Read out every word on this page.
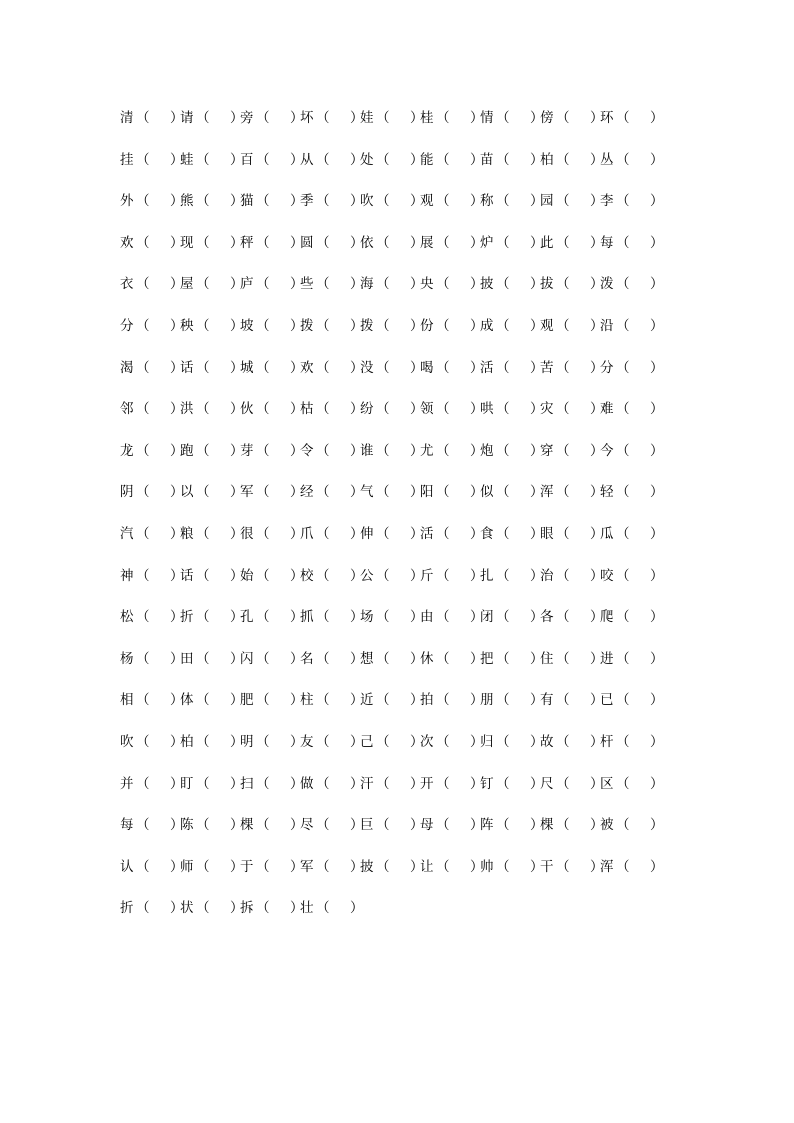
清 （ ）
请 （ ）
旁 （ ）
坏 （ ）
娃 （ ）
桂 （ ）
情 （ ）
傍 （ ）
环 （ ）
挂 （ ）
蛙 （ ）
百 （ ）
从 （ ）
处 （ ）
能 （ ）
苗 （ ）
柏 （ ）
丛 （ ）
外 （ ）
熊 （ ）
猫 （ ）
季 （ ）
吹 （ ）
观 （ ）
称 （ ）
园 （ ）
李 （ ）
欢 （ ）
现 （ ）
秤 （ ）
圆 （ ）
依 （ ）
展 （ ）
炉 （ ）
此 （ ）
每 （ ）
衣 （ ）
屋 （ ）
庐 （ ）
些 （ ）
海 （ ）
央 （ ）
披 （ ）
拔 （ ）
泼 （ ）
分 （ ）
秧 （ ）
坡 （ ）
拨 （ ）
拨 （ ）
份 （ ）
成 （ ）
观 （ ）
沿 （ ）
渴 （ ）
话 （ ）
城 （ ）
欢 （ ）
没 （ ）
喝 （ ）
活 （ ）
苦 （ ）
分 （ ）
邻 （ ）
洪 （ ）
伙 （ ）
枯 （ ）
纷 （ ）
领 （ ）
哄 （ ）
灾 （ ）
难 （ ）
龙 （ ）
跑 （ ）
芽 （ ）
令 （ ）
谁 （ ）
尤 （ ）
炮 （ ）
穿 （ ）
今 （ ）
阴 （ ）
以 （ ）
军 （ ）
经 （ ）
气 （ ）
阳 （ ）
似 （ ）
浑 （ ）
轻 （ ）
汽 （ ）
粮 （ ）
很 （ ）
爪 （ ）
伸 （ ）
活 （ ）
食 （ ）
眼 （ ）
瓜 （ ）
神 （ ）
话 （ ）
始 （ ）
校 （ ）
公 （ ）
斤 （ ）
扎 （ ）
治 （ ）
咬 （ ）
松 （ ）
折 （ ）
孔 （ ）
抓 （ ）
场 （ ）
由 （ ）
闭 （ ）
各 （ ）
爬 （ ）
杨 （ ）
田 （ ）
闪 （ ）
名 （ ）
想 （ ）
休 （ ）
把 （ ）
住 （ ）
进 （ ）
相 （ ）
体 （ ）
肥 （ ）
柱 （ ）
近 （ ）
拍 （ ）
朋 （ ）
有 （ ）
已 （ ）
吹 （ ）
柏 （ ）
明 （ ）
友 （ ）
己 （ ）
次 （ ）
归 （ ）
故 （ ）
杆 （ ）
并 （ ）
盯 （ ）
扫 （ ）
做 （ ）
汗 （ ）
开 （ ）
钉 （ ）
尺 （ ）
区 （ ）
每 （ ）
陈 （ ）
棵 （ ）
尽 （ ）
巨 （ ）
母 （ ）
阵 （ ）
棵 （ ）
被 （ ）
认 （ ）
师 （ ）
于 （ ）
军 （ ）
披 （ ）
让 （ ）
帅 （ ）
干 （ ）
浑 （ ）
折 （ ）
状 （ ）
拆 （ ）
壮 （ ）
